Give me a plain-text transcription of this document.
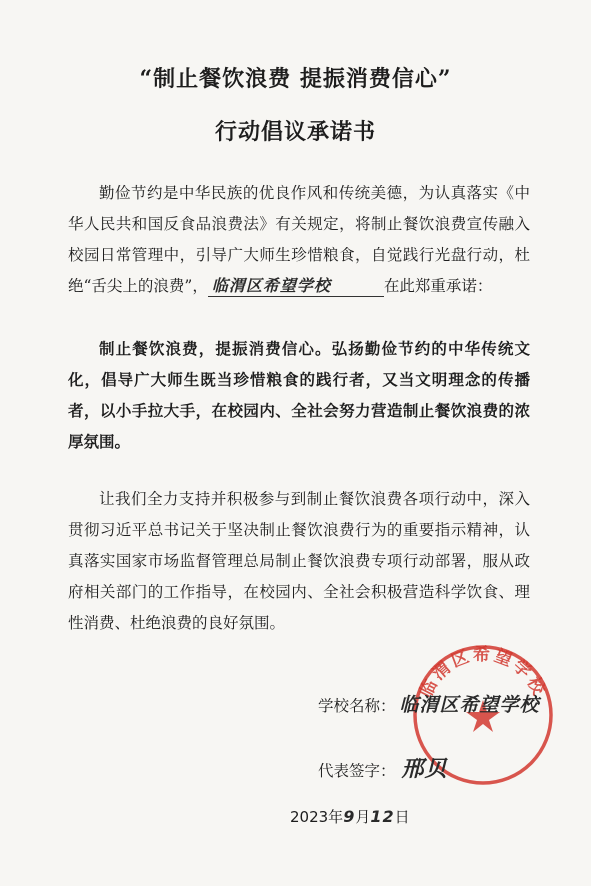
“制止餐饮浪费 提振消费信心”
行动倡议承诺书

勤俭节约是中华民族的优良作风和传统美德，为认真落实《中华人民共和国反食品浪费法》有关规定，将制止餐饮浪费宣传融入校园日常管理中，引导广大师生珍惜粮食，自觉践行光盘行动，杜绝“舌尖上的浪费”， 临渭区希望学校	在此郑重承诺：

制止餐饮浪费，提振消费信心。弘扬勤俭节约的中华传统文化，倡导广大师生既当珍惜粮食的践行者，又当文明理念的传播者，以小手拉大手，在校园内、全社会努力营造制止餐饮浪费的浓厚氛围。

让我们全力支持并积极参与到制止餐饮浪费各项行动中，深入贯彻习近平总书记关于坚决制止餐饮浪费行为的重要指示精神，认真落实国家市场监督管理总局制止餐饮浪费专项行动部署，服从政府相关部门的工作指导，在校园内、全社会积极营造科学饮食、理性消费、杜绝浪费的良好氛围。

临渭区希望学校
学校名称： 临渭区希望学校
代表签字： 邢贝
2023年9月12日
